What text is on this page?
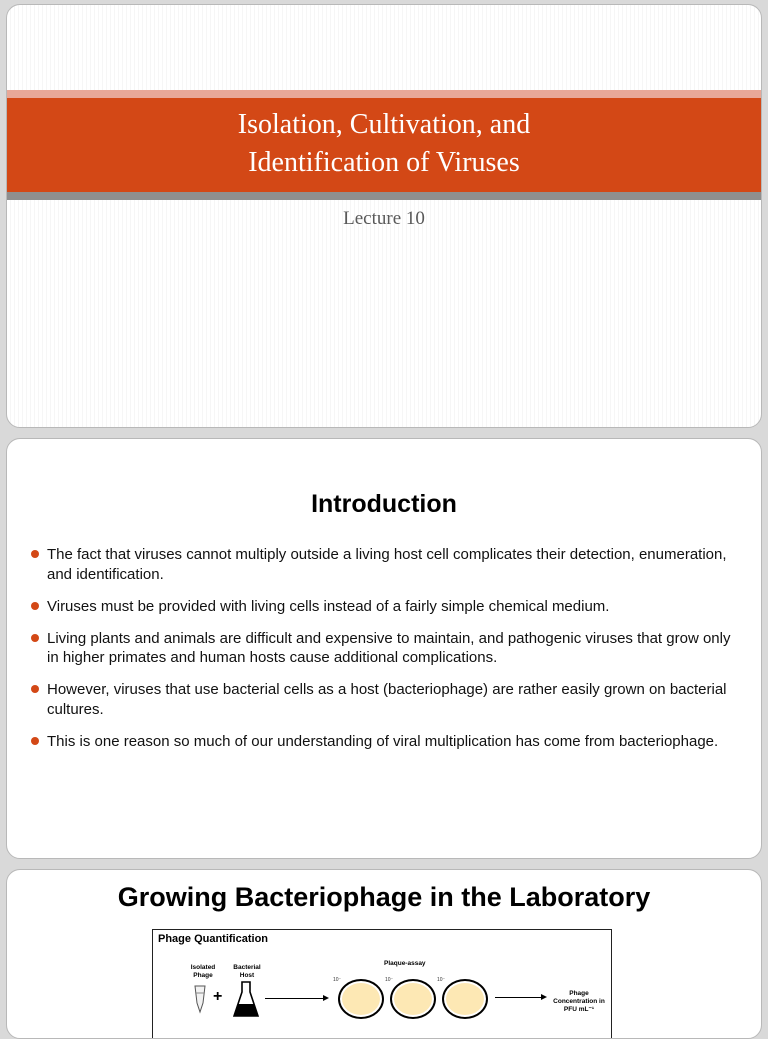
Isolation, Cultivation, and
Identification of Viruses
Lecture 10
Introduction
The fact that viruses cannot multiply outside a living host cell complicates their detection, enumeration, and identification.
Viruses must be provided with living cells instead of a fairly simple chemical medium.
Living plants and animals are difficult and expensive to maintain, and pathogenic viruses that grow only in higher primates and human hosts cause additional complications.
However, viruses that use bacterial cells as a host (bacteriophage) are rather easily grown on bacterial cultures.
This is one reason so much of our understanding of viral multiplication has come from bacteriophage.
Growing Bacteriophage in the Laboratory
Phage Quantification
Isolated Phage
+
Bacterial Host
Plaque-assay
10⁻	10⁻	10⁻
Phage Concentration in PFU mL⁻¹
